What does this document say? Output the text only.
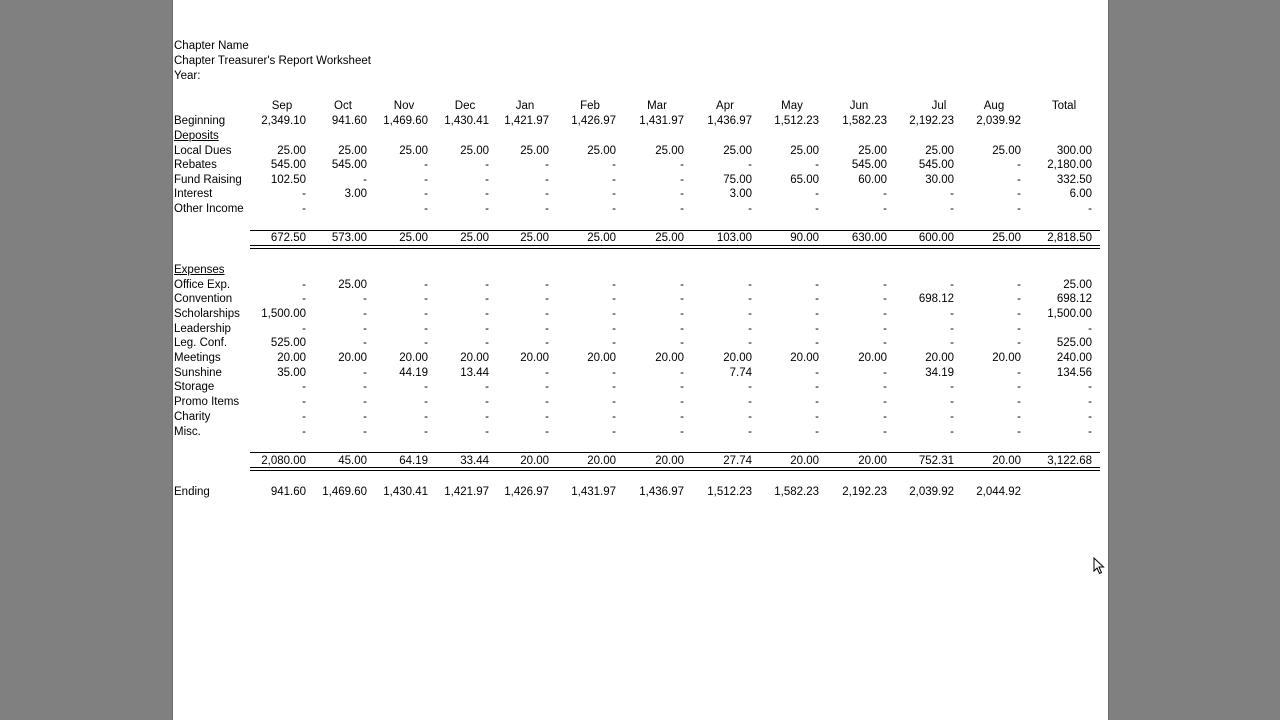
Chapter Name
Chapter Treasurer's Report Worksheet
Year:
Sep	Oct	Nov	Dec	Jan	Feb	Mar	Apr	May	Jun	Jul	Aug	Total
Beginning	2,349.10 941.60 1,469.60 1,430.41 1,421.97 1,426.97 1,431.97 1,436.97 1,512.23 1,582.23 2,192.23 2,039.92
Deposits
Local Dues	25.00	25.00	25.00	25.00	25.00	25.00	25.00	25.00	25.00	25.00	25.00	25.00	300.00
Rebates	545.00 545.00	-	-	-	-	-	-	-	545.00	545.00	- 2,180.00
Fund Raising	102.50	-	-	-	-	-	-	75.00	65.00	60.00	30.00	-	332.50
Interest	-	3.00	-	-	-	-	-	3.00	-	-	-	-	6.00
Other Income	-	-	-	-	-	-	-	-	-	-	-	-
672.50 573.00	25.00	25.00	25.00	25.00	25.00	103.00	90.00	630.00	600.00	25.00 2,818.50
Expenses
Office Exp.	-	25.00	-	-	-	-	-	-	-	-	-	-	25.00
Convention	-	-	-	-	-	-	-	-	-	-	698.12	-	698.12
Scholarships 1,500.00	-	-	-	-	-	-	-	-	-	-	- 1,500.00
Leadership	-	-	-	-	-	-	-	-	-	-	-	-	-
Leg. Conf.	525.00	-	-	-	-	-	-	-	-	-	-	-	525.00
Meetings	20.00	20.00	20.00	20.00	20.00	20.00	20.00	20.00	20.00	20.00	20.00	20.00	240.00
Sunshine	35.00	-	44.19	13.44	-	-	-	7.74	-	-	34.19	-	134.56
Storage	-	-	-	-	-	-	-	-	-	-	-	-	-
Promo Items	-	-	-	-	-	-	-	-	-	-	-	-	-
Charity	-	-	-	-	-	-	-	-	-	-	-	-	-
Misc.	-	-	-	-	-	-	-	-	-	-	-	-	-
2,080.00	45.00	64.19	33.44	20.00	20.00	20.00	27.74	20.00	20.00	752.31	20.00 3,122.68
Ending	941.60 1,469.60 1,430.41 1,421.97 1,426.97 1,431.97 1,436.97 1,512.23 1,582.23 2,192.23 2,039.92 2,044.92
